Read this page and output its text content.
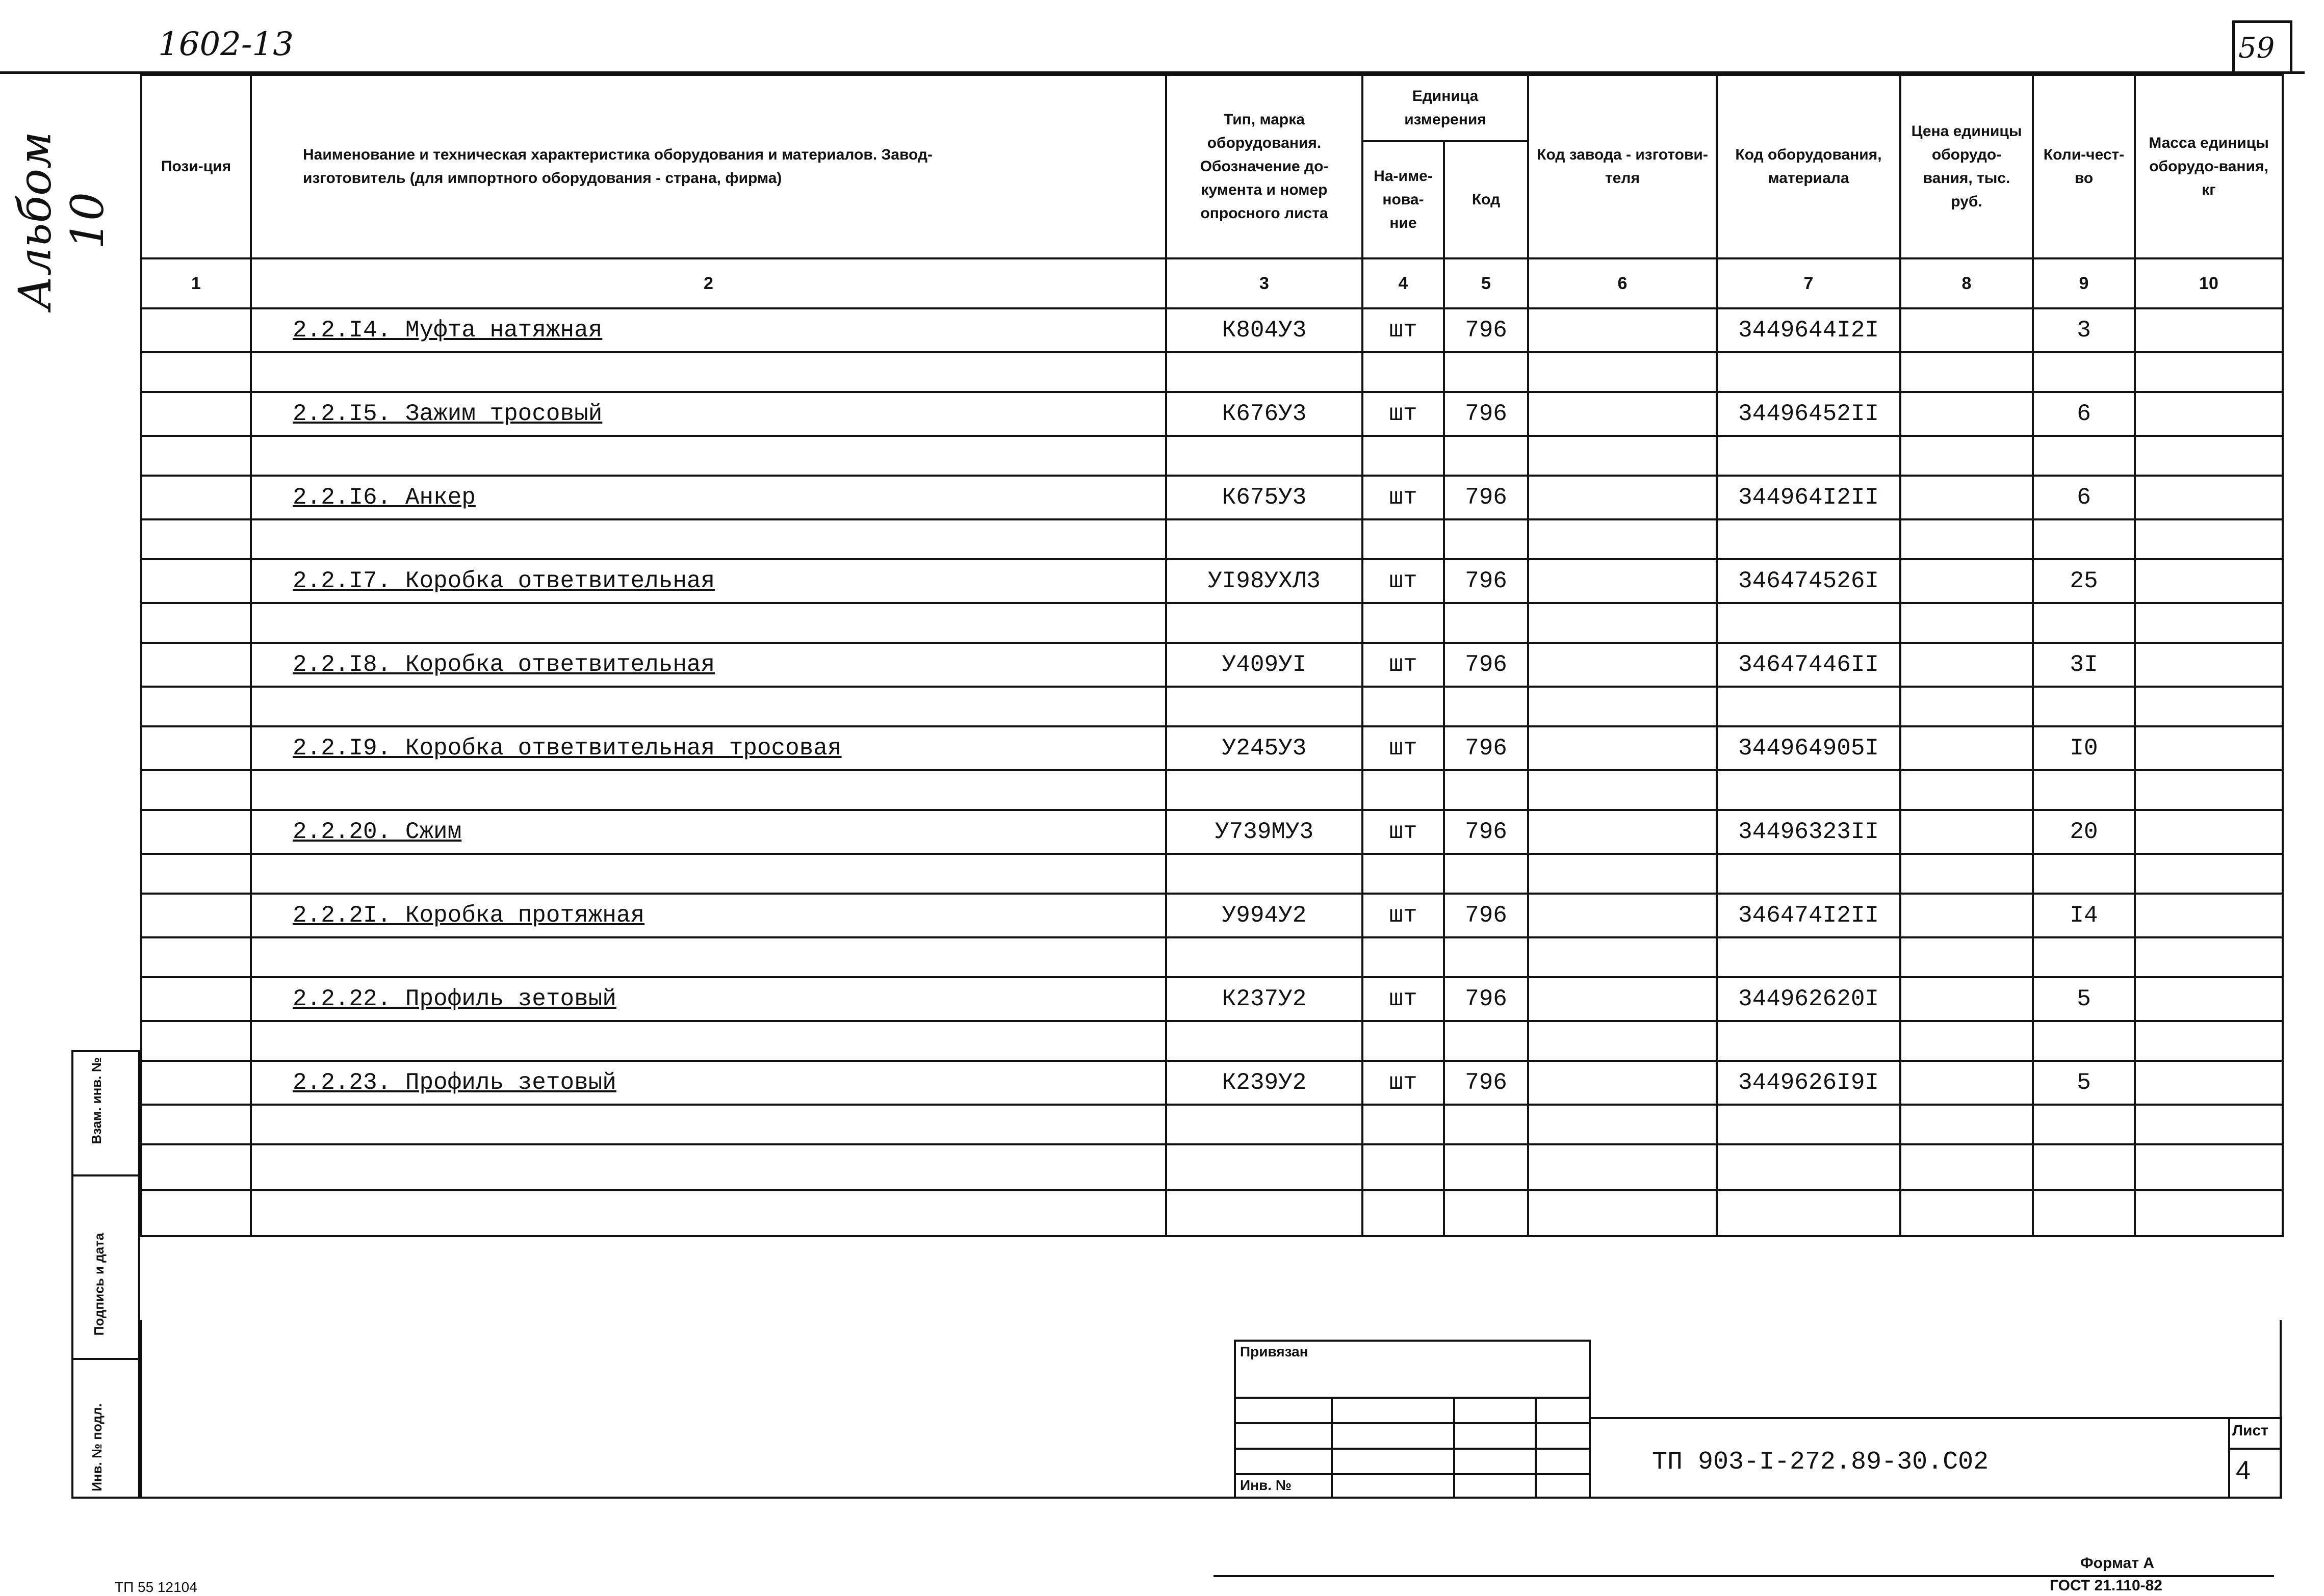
1602-13	59
Альбом 10
Пози-ция	Наименование и техническая характеристика оборудования и материалов. Завод-изготовитель (для импортного оборудования - страна, фирма)	Тип, марка оборудования. Обозначение до-кумента и номер опросного листа	Единица измерения		Код завода - изготови-теля	Код оборудования, материала	Цена единицы оборудо-вания, тыс. руб.	Коли-чест-во	Масса единицы оборудо-вания, кг
			На-име-нова-ние	Код					
1	2	3	4	5	6	7	8	9	10
	2.2.I4. Муфта натяжная	К804У3	шт	796		3449644I2I		3	

	2.2.I5. Зажим тросовый	К676У3	шт	796		34496452II		6	

	2.2.I6. Анкер	К675У3	шт	796		344964I2II		6	

	2.2.I7. Коробка ответвительная	УI98УХЛ3	шт	796		346474526I		25	

	2.2.I8. Коробка ответвительная	У409УI	шт	796		34647446II		3I	

	2.2.I9. Коробка ответвительная тросовая	У245У3	шт	796		344964905I		I0	

	2.2.20. Сжим	У739МУ3	шт	796		34496323II		20	

	2.2.2I. Коробка протяжная	У994У2	шт	796		346474I2II		I4	

	2.2.22. Профиль зетовый	К237У2	шт	796		344962620I		5	

	2.2.23. Профиль зетовый	К239У2	шт	796		3449626I9I		5	

Взам. инв. №
Подпись и дата
Инв. № подл.
Привязан
Инв. №
ТП 903-I-272.89-30.С02
Лист
4
Формат А
ГОСТ 21.110-82
ТП 55 12104
